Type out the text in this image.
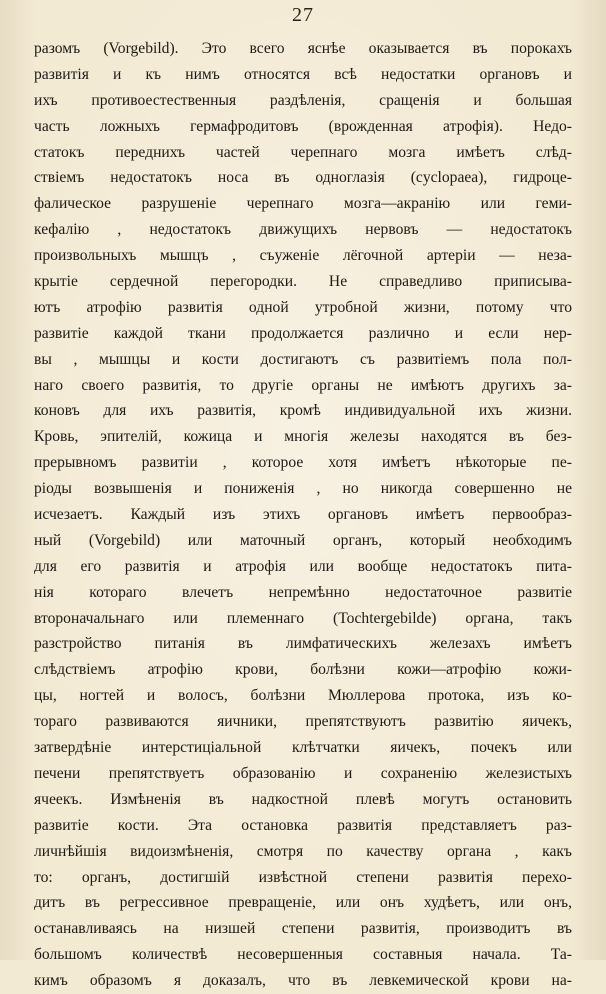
27
разомъ (Vorgebild). Это всего яснѣе оказывается въ порокахъ
развитія и къ нимъ относятся всѣ недостатки органовъ и
ихъ противоестественныя раздѣленія, сращенія и большая
часть ложныхъ гермафродитовъ (врожденная атрофія). Недо-
статокъ переднихъ частей черепнаго мозга имѣетъ слѣд-
ствіемъ недостатокъ носа въ одноглазія (cyclopaea), гидроце-
фалическое разрушеніе черепнаго мозга—акранію или геми-
кефалію , недостатокъ движущихъ нервовъ — недостатокъ
произвольныхъ мышцъ , съуженіе лёгочной артеріи — неза-
крытіе сердечной перегородки. Не справедливо приписыва-
ютъ атрофію развитія одной утробной жизни, потому что
развитіе каждой ткани продолжается различно и если нер-
вы , мышцы и кости достигаютъ съ развитіемъ пола пол-
наго своего развитія, то другіе органы не имѣютъ другихъ за-
коновъ для ихъ развитія, кромѣ индивидуальной ихъ жизни.
Кровь, эпителій, кожица и многія железы находятся въ без-
прерывномъ развитіи , которое хотя имѣетъ нѣкоторые пе-
ріоды возвышенія и пониженія , но никогда совершенно не
исчезаетъ. Каждый изъ этихъ органовъ имѣетъ первообраз-
ный (Vorgebild) или маточный органъ, который необходимъ
для его развитія и атрофія или вообще недостатокъ пита-
нія котораго влечетъ непремѣнно недостаточное развитіе
второначальнаго или племеннаго (Tochtergebilde) органа, такъ
разстройство питанія въ лимфатическихъ железахъ имѣетъ
слѣдствіемъ атрофію крови, болѣзни кожи—атрофію кожи-
цы, ногтей и волосъ, болѣзни Мюллерова протока, изъ ко-
тораго развиваются яичники, препятствуютъ развитію яичекъ,
затвердѣніе интерстиціальной клѣтчатки яичекъ, почекъ или
печени препятствуетъ образованію и сохраненію железистыхъ
ячеекъ. Измѣненія въ надкостной плевѣ могутъ остановить
развитіе кости. Эта остановка развитія представляетъ раз-
личнѣйшія видоизмѣненія, смотря по качеству органа , какъ
то: органъ, достигшій извѣстной степени развитія перехо-
дитъ въ регрессивное превращеніе, или онъ худѣетъ, или онъ,
останавливаясь на низшей степени развитія, производитъ въ
большомъ количествѣ несовершенныя составныя начала. Та-
кимъ образомъ я доказалъ, что въ левкемической крови на-
